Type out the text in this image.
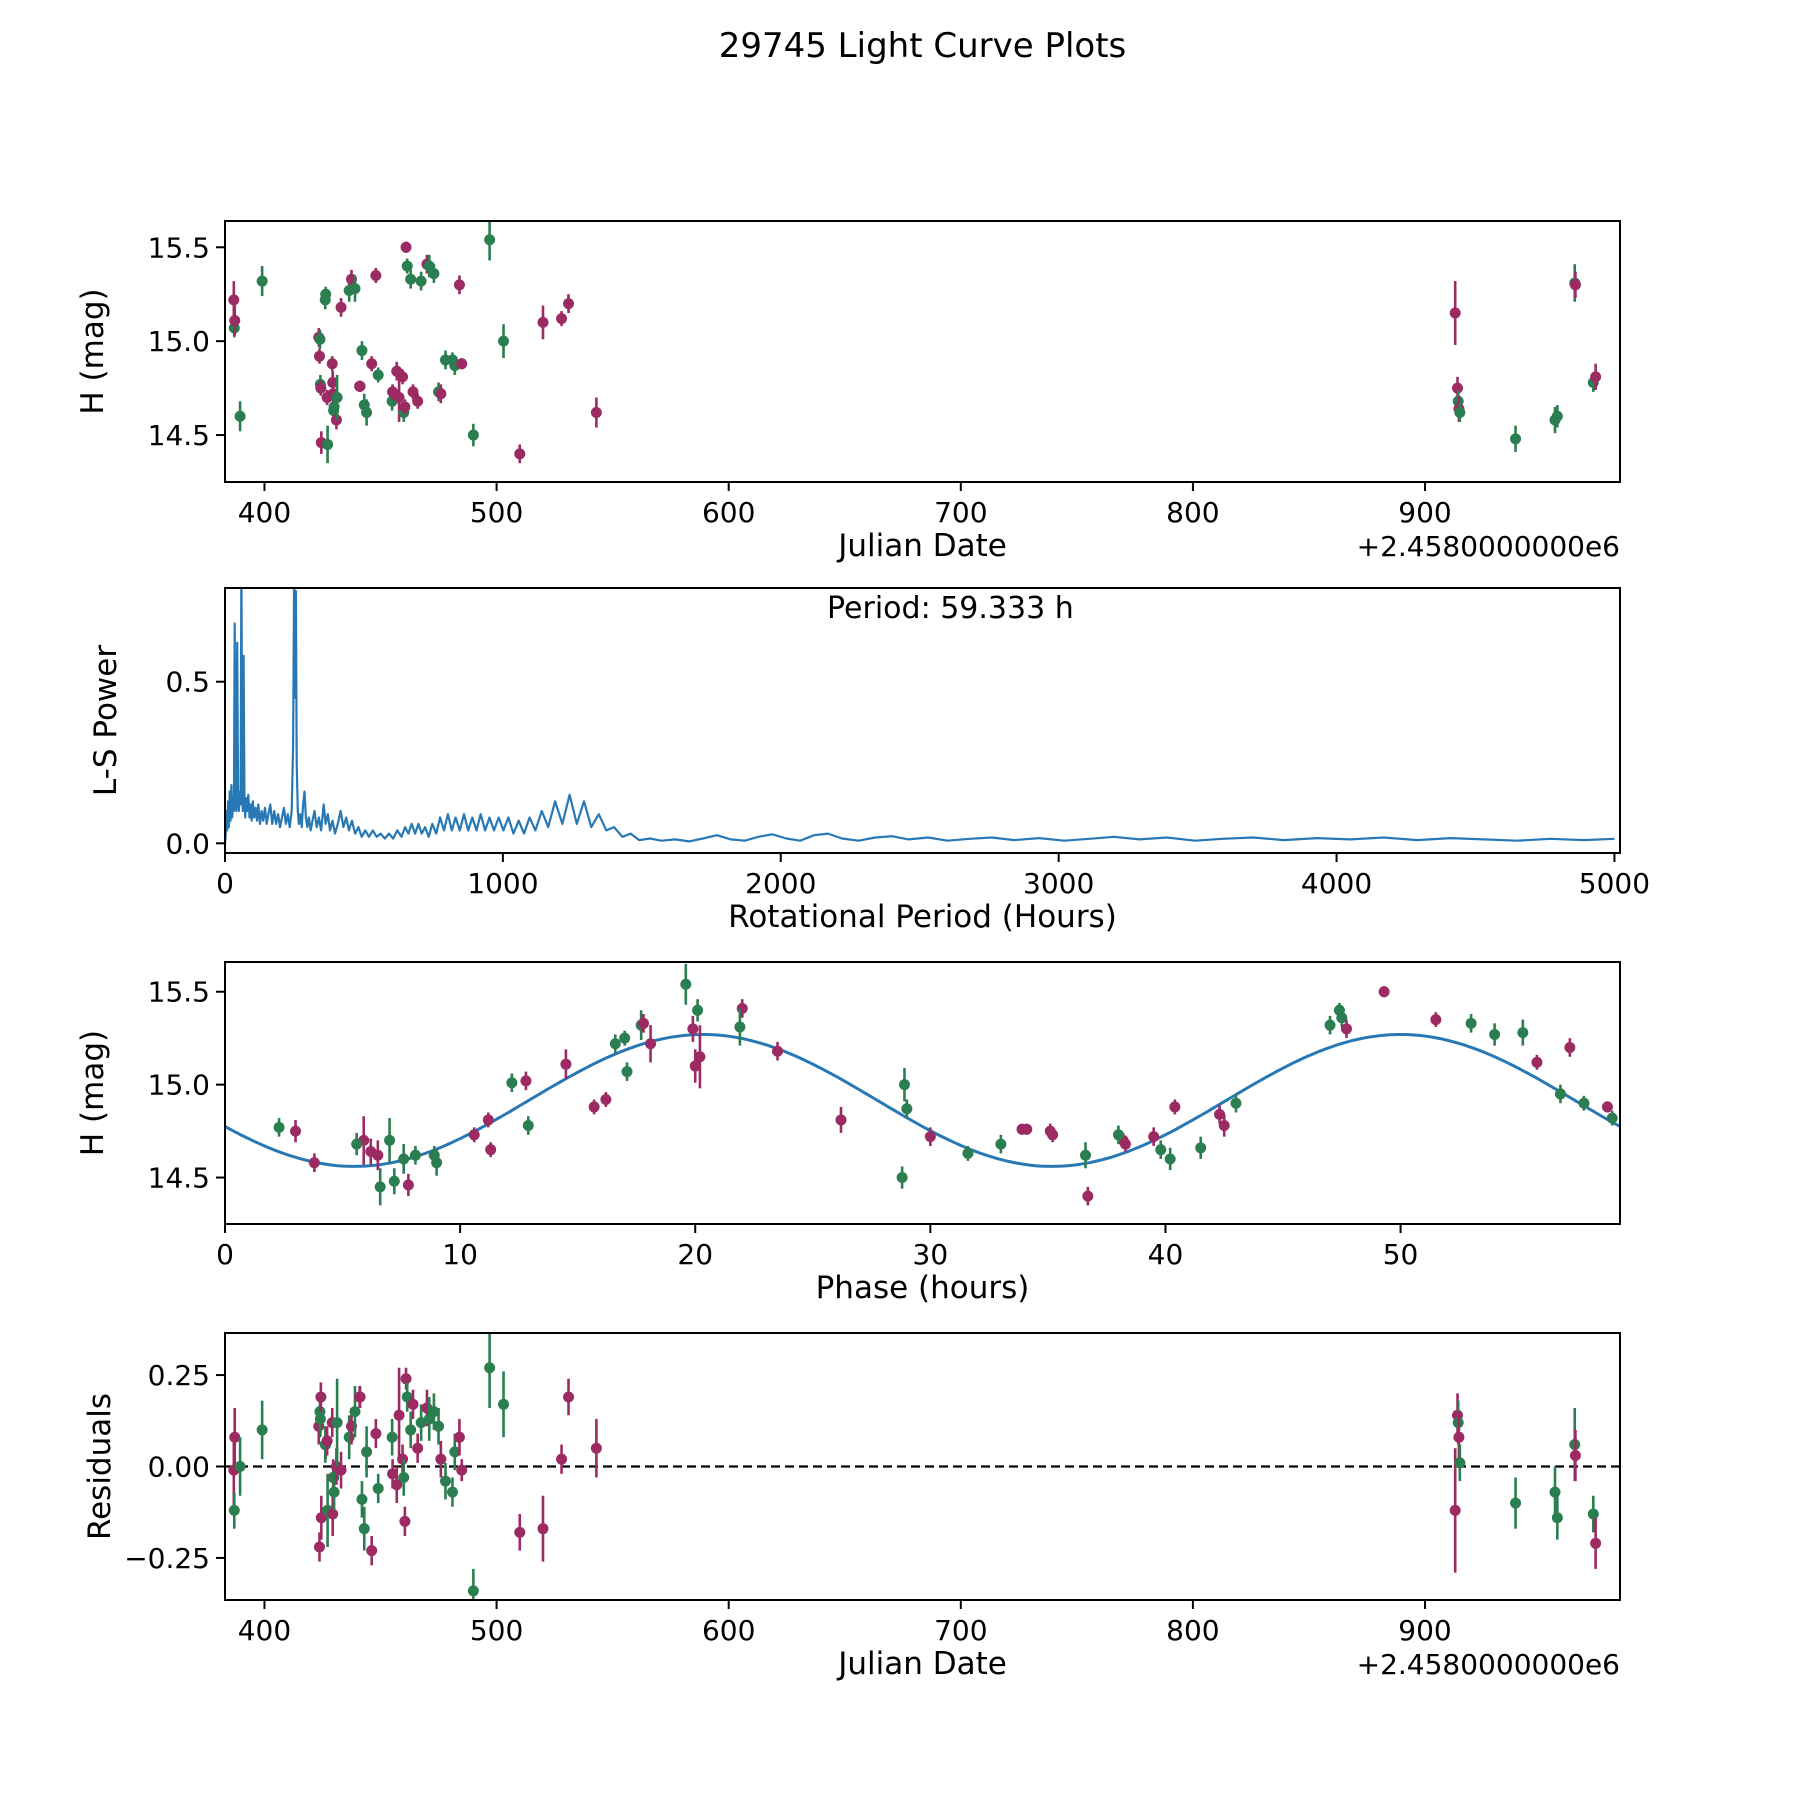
29745 Light Curve Plots
400	500	600	700	800	900
14.5
15.0
15.5
Julian Date	+2.4580000000e6
H (mag)
Period: 59.333 h
0	1000	2000	3000	4000	5000
0.0
0.5
Rotational Period (Hours)
L-S Power
0	10	20	30	40	50
14.5
15.0
15.5
Phase (hours)
H (mag)
400	500	600	700	800	900
−0.25
0.00
0.25
Julian Date	+2.4580000000e6
Residuals
